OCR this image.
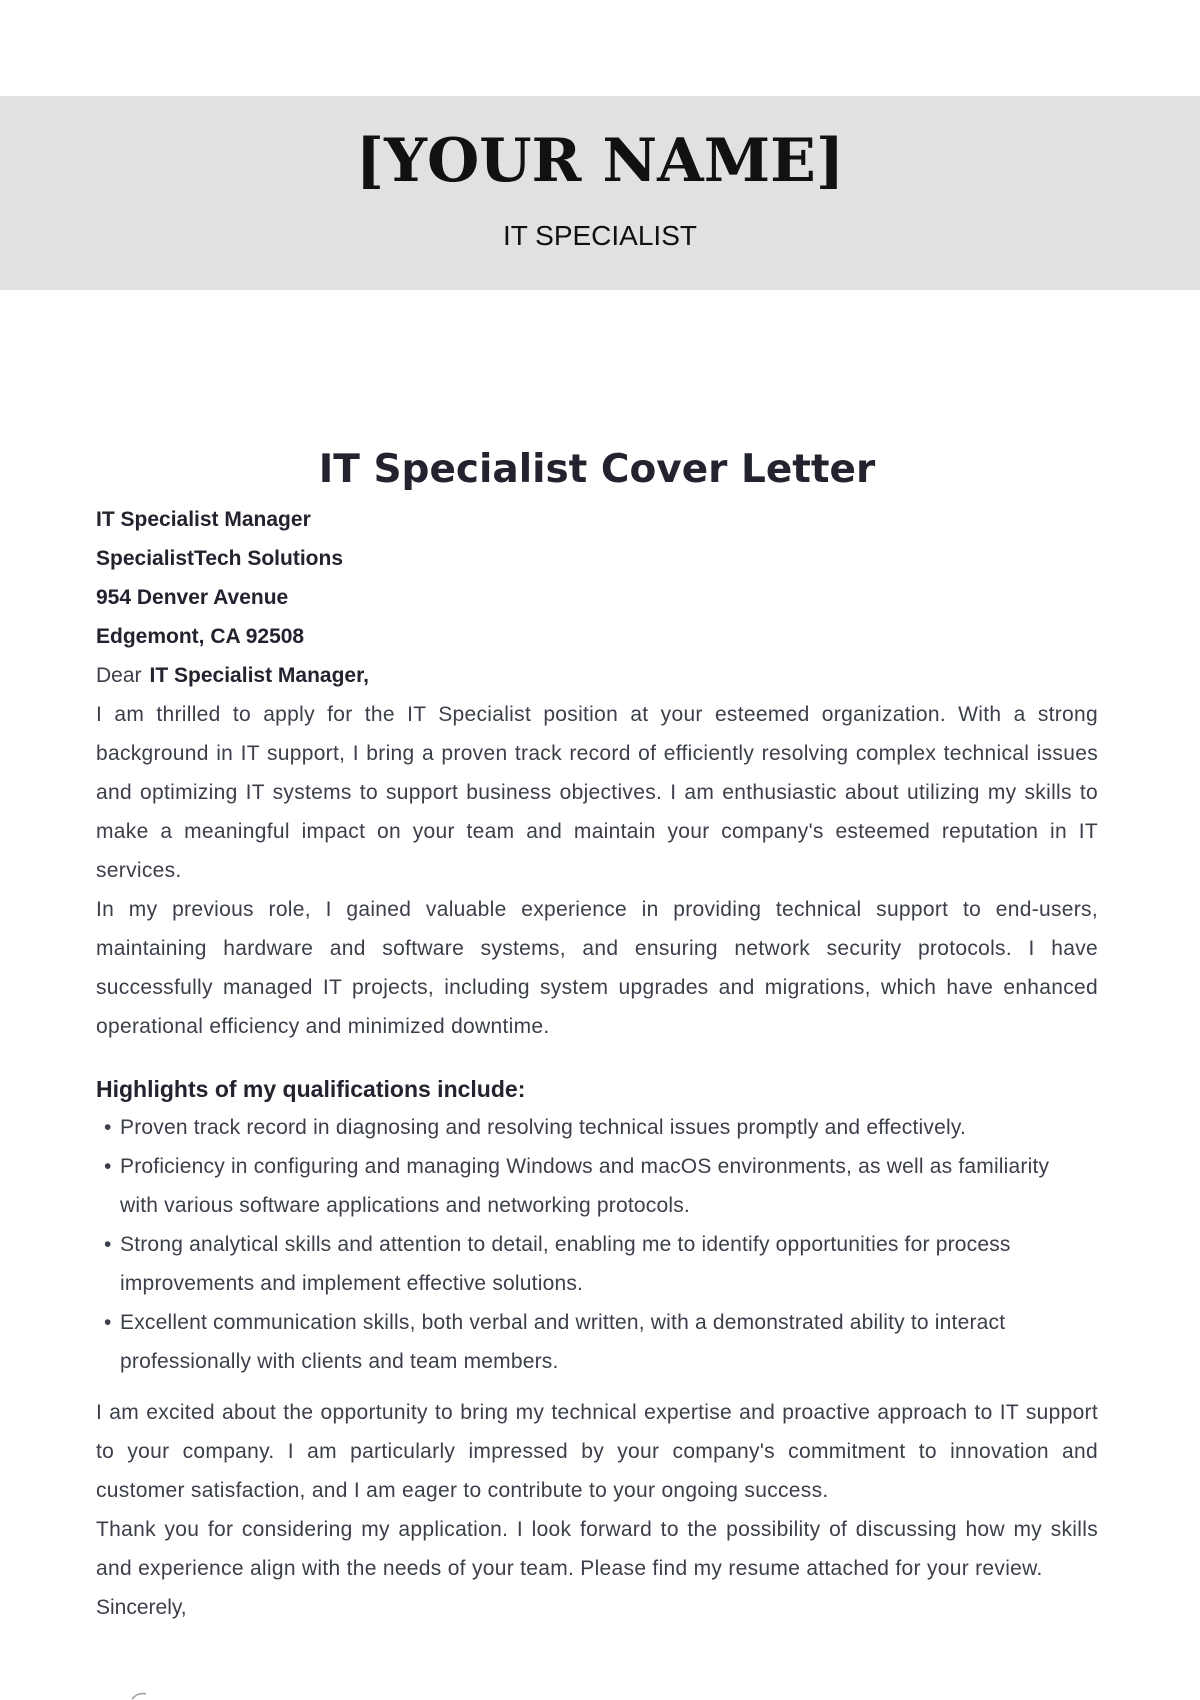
[YOUR NAME]
IT SPECIALIST
IT Specialist Cover Letter

IT Specialist Manager

SpecialistTech Solutions

954 Denver Avenue

Edgemont, CA 92508

Dear IT Specialist Manager,

I am thrilled to apply for the IT Specialist position at your esteemed organization. With a strong background in IT support, I bring a proven track record of efficiently resolving complex technical issues and optimizing IT systems to support business objectives. I am enthusiastic about utilizing my skills to make a meaningful impact on your team and maintain your company's esteemed reputation in IT services.

In my previous role, I gained valuable experience in providing technical support to end-users, maintaining hardware and software systems, and ensuring network security protocols. I have successfully managed IT projects, including system upgrades and migrations, which have enhanced operational efficiency and minimized downtime.

Highlights of my qualifications include:
• Proven track record in diagnosing and resolving technical issues promptly and effectively.
• Proficiency in configuring and managing Windows and macOS environments, as well as familiarity with various software applications and networking protocols.
• Strong analytical skills and attention to detail, enabling me to identify opportunities for process improvements and implement effective solutions.
• Excellent communication skills, both verbal and written, with a demonstrated ability to interact professionally with clients and team members.

I am excited about the opportunity to bring my technical expertise and proactive approach to IT support to your company. I am particularly impressed by your company's commitment to innovation and customer satisfaction, and I am eager to contribute to your ongoing success.

Thank you for considering my application. I look forward to the possibility of discussing how my skills and experience align with the needs of your team. Please find my resume attached for your review.

Sincerely,
